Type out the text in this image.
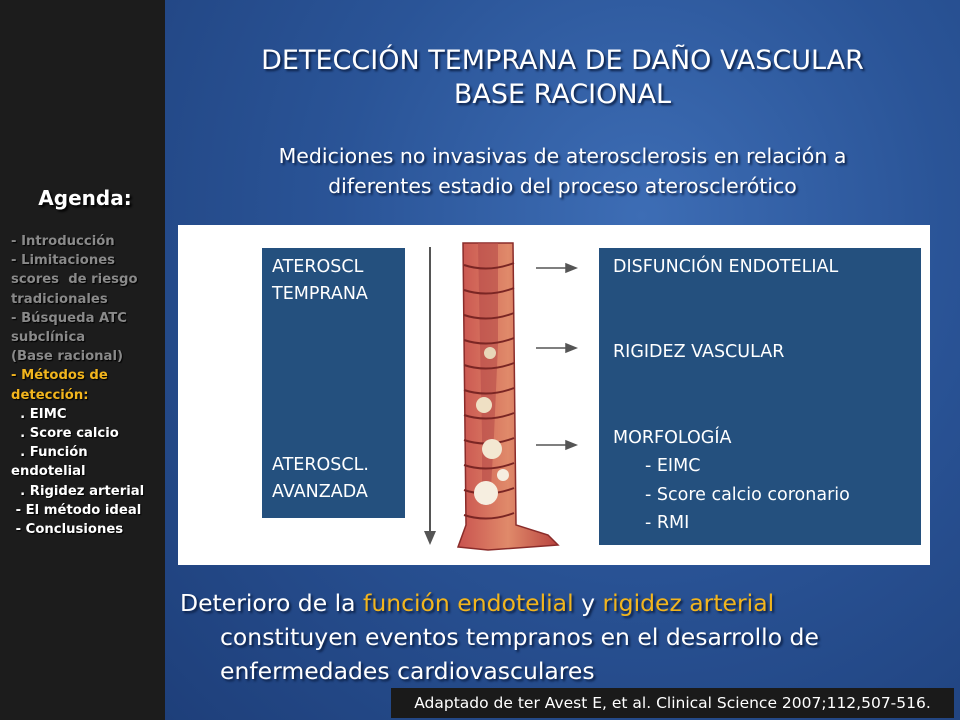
Agenda:
- Introducción
- Limitaciones
scores  de riesgo
tradicionales
- Búsqueda ATC
subclínica
(Base racional)
- Métodos de
detección:
. EIMC
. Score calcio
. Función
endotelial
. Rigidez arterial
- El método ideal
- Conclusiones
DETECCIÓN TEMPRANA DE DAÑO VASCULAR
BASE RACIONAL
Mediciones no invasivas de aterosclerosis en relación a
diferentes estadio del proceso aterosclerótico
ATEROSCL
TEMPRANA
ATEROSCL.
AVANZADA
DISFUNCIÓN ENDOTELIAL
RIGIDEZ VASCULAR
MORFOLOGÍA
- EIMC
- Score calcio coronario
- RMI
Deterioro de la función endotelial y rigidez arterial
constituyen eventos tempranos en el desarrollo de
enfermedades cardiovasculares
Adaptado de ter Avest E, et al. Clinical Science 2007;112,507-516.
